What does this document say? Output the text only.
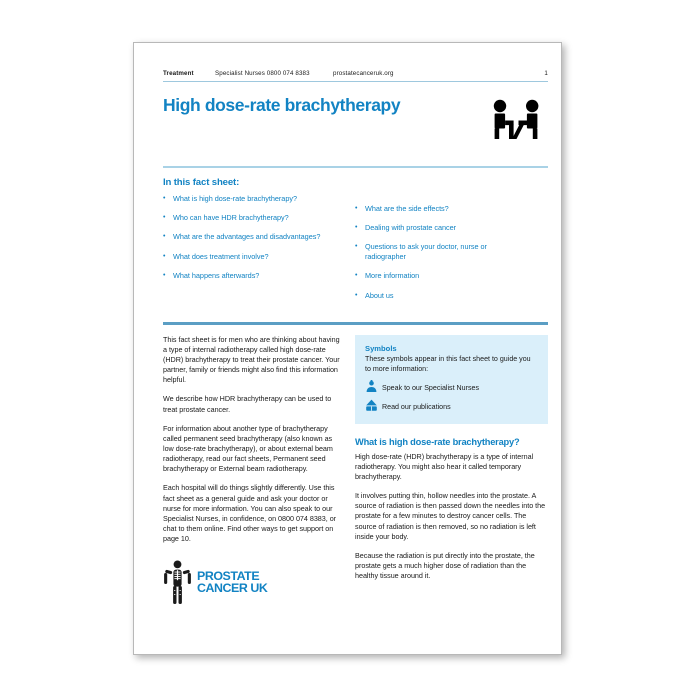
Treatment	Specialist Nurses 0800 074 8383	prostatecanceruk.org	1
High dose-rate brachytherapy
In this fact sheet:
•	What is high dose-rate brachytherapy?
•	Who can have HDR brachytherapy?
•	What are the advantages and disadvantages?
•	What does treatment involve?
•	What happens afterwards?
•	What are the side effects?
•	Dealing with prostate cancer
•	Questions to ask your doctor, nurse or radiographer
•	More information
•	About us

This fact sheet is for men who are thinking about having a type of internal radiotherapy called high dose-rate (HDR) brachytherapy to treat their prostate cancer. Your partner, family or friends might also find this information helpful.

We describe how HDR brachytherapy can be used to treat prostate cancer.

For information about another type of brachytherapy called permanent seed brachytherapy (also known as low dose-rate brachytherapy), or about external beam radiotherapy, read our fact sheets, Permanent seed brachytherapy or External beam radiotherapy.

Each hospital will do things slightly differently. Use this fact sheet as a general guide and ask your doctor or nurse for more information. You can also speak to our Specialist Nurses, in confidence, on 0800 074 8383, or chat to them online. Find other ways to get support on page 10.

PROSTATE
CANCER UK
Symbols
These symbols appear in this fact sheet to guide you to more information:
Speak to our Specialist Nurses
Read our publications
What is high dose-rate brachytherapy?

High dose-rate (HDR) brachytherapy is a type of internal radiotherapy. You might also hear it called temporary brachytherapy.

It involves putting thin, hollow needles into the prostate. A source of radiation is then passed down the needles into the prostate for a few minutes to destroy cancer cells. The source of radiation is then removed, so no radiation is left inside your body.

Because the radiation is put directly into the prostate, the prostate gets a much higher dose of radiation than the healthy tissue around it.
